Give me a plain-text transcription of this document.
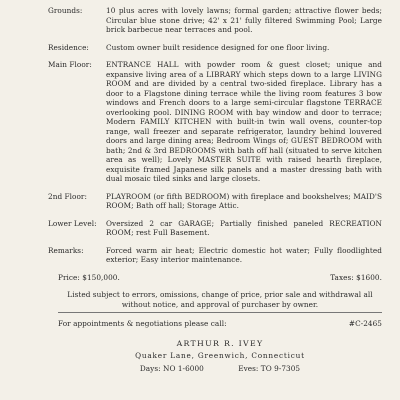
Grounds:	10 plus acres with lovely lawns; formal garden; attractive flower beds; Circular blue stone drive; 42' x 21' fully filtered Swimming Pool; Large brick barbecue near terraces and pool.
Residence:	Custom owner built residence designed for one floor living.
Main Floor:	ENTRANCE HALL with powder room & guest closet; unique and expansive living area of a LIBRARY which steps down to a large LIVING ROOM and are divided by a central two-sided fireplace. Library has a door to a Flagstone dining terrace while the living room features 3 bow windows and French doors to a large semi-circular flagstone TERRACE overlooking pool. DINING ROOM with bay window and door to terrace; Modern FAMILY KITCHEN with built-in twin wall ovens, counter-top range, wall freezer and separate refrigerator, laundry behind louvered doors and large dining area; Bedroom Wings of; GUEST BEDROOM with bath; 2nd & 3rd BEDROOMS with bath off hall (situated to serve kitchen area as well); Lovely MASTER SUITE with raised hearth fireplace, exquisite framed Japanese silk panels and a master dressing bath with dual mosaic tiled sinks and large closets.
2nd Floor:	PLAYROOM (or fifth BEDROOM) with fireplace and bookshelves; MAID'S ROOM; Bath off hall; Storage Attic.
Lower Level:	Oversized 2 car GARAGE; Partially finished paneled RECREATION ROOM; rest Full Basement.
Remarks:	Forced warm air heat; Electric domestic hot water; Fully floodlighted exterior; Easy interior maintenance.
Price: $150,000.	Taxes: $1600.
Listed subject to errors, omissions, change of price, prior sale and withdrawal all without notice, and approval of purchaser by owner.
For appointments & negotiations please call:	#C-2465
ARTHUR R. IVEY
Quaker Lane, Greenwich, Connecticut
Days: NO 1-6000	Eves: TO 9-7305
